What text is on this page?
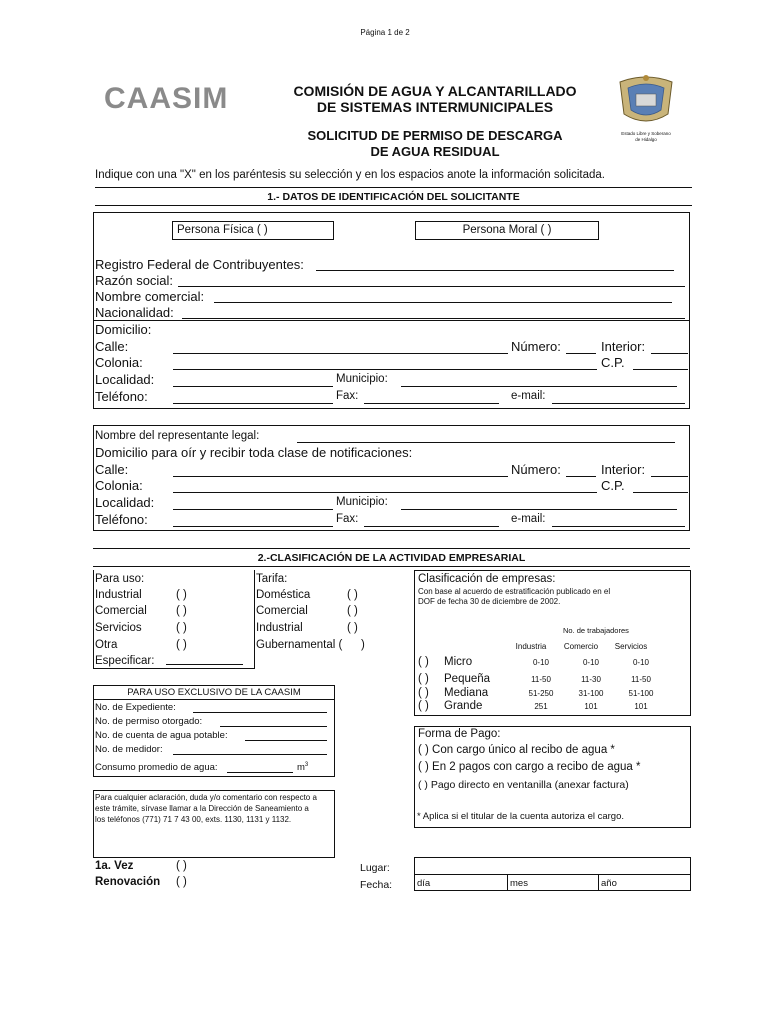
Página 1 de 2
CAASIM	COMISIÓN DE AGUA Y ALCANTARILLADO
DE SISTEMAS INTERMUNICIPALES
SOLICITUD DE PERMISO DE DESCARGA
DE AGUA RESIDUAL
Estado Libre y Soberano
de Hidalgo
Indique con una "X" en los paréntesis su selección y en los espacios anote la información solicitada.
1.- DATOS DE IDENTIFICACIÓN DEL SOLICITANTE
Persona Física ( )	Persona Moral ( )
Registro Federal de Contribuyentes:
Razón social:
Nombre comercial:
Nacionalidad:
Domicilio:
Calle:	Número:	Interior:
Colonia:	C.P.
Localidad:	Municipio:
Teléfono:	Fax:	e-mail:
Nombre del representante legal:
Domicilio para oír y recibir toda clase de notificaciones:
Calle:	Número:	Interior:
Colonia:	C.P.
Localidad:	Municipio:
Teléfono:	Fax:	e-mail:
2.-CLASIFICACIÓN DE LA ACTIVIDAD EMPRESARIAL
Para uso:
Industrial	( )
Comercial	( )
Servicios	( )
Otra	( )
Especificar:
Tarifa:
Doméstica	( )
Comercial	( )
Industrial	( )
Gubernamental ( )
Clasificación de empresas:
Con base al acuerdo de estratificación publicado en el
DOF de fecha 30 de diciembre de 2002.
No. de trabajadores
Industria	Comercio	Servicios
( ) Micro	0-10	0-10	0-10
( ) Pequeña	11-50	11-30	11-50
( ) Mediana	51-250	31-100	51-100
( ) Grande	251	101	101
PARA USO EXCLUSIVO DE LA CAASIM
No. de Expediente:
No. de permiso otorgado:
No. de cuenta de agua potable:
No. de medidor:
Consumo promedio de agua:	$m^3$
Forma de Pago:
( ) Con cargo único al recibo de agua *
( ) En 2 pagos con cargo a recibo de agua *
( ) Pago directo en ventanilla (anexar factura)
* Aplica si el titular de la cuenta autoriza el cargo.
Para cualquier aclaración, duda y/o comentario con respecto a
este trámite, sírvase llamar a la Dirección de Saneamiento a
los teléfonos (771) 71 7 43 00, exts. 1130, 1131 y 1132.
1a. Vez	( )
Renovación ( )
Lugar:
Fecha:	día	mes	año
